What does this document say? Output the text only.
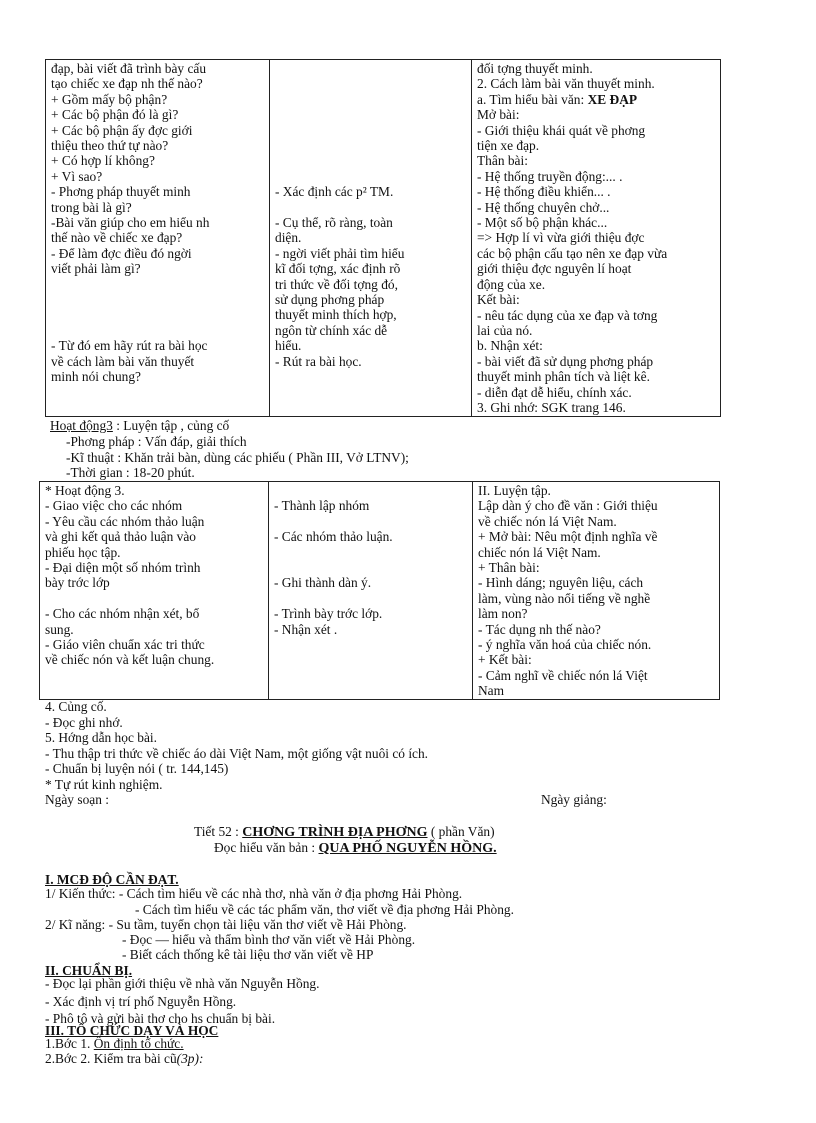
đạp, bài viết đã trình bày cấu
tạo chiếc xe đạp nh thế nào?
+ Gồm mấy bộ phận?
+ Các bộ phận đó là gì?
+ Các bộ phận ấy đợc giới
thiệu theo thứ tự nào?
+ Có hợp lí không?
+ Vì sao?
- Phơng pháp thuyết minh
trong bài là gì?
-Bài văn giúp cho em hiểu nh
thế nào về chiếc xe đạp?
- Để làm đợc điều đó ngời
viết phải làm gì?
- Từ đó em hãy rút ra bài học
về cách làm bài văn thuyết
minh nói chung?

- Xác định các p² TM.
- Cụ thể, rõ ràng, toàn
diện.
- ngời viết phải tìm hiểu
kĩ đối tợng, xác định rõ
tri thức về đối tợng đó,
sử dụng phơng pháp
thuyết minh thích hợp,
ngôn từ chính xác dễ
hiểu.
- Rút ra bài học.

đối tợng thuyết minh.
2. Cách làm bài văn thuyết minh.
a. Tìm hiểu bài văn: XE ĐẠP
Mở bài:
- Giới thiệu khái quát về phơng
tiện xe đạp.
Thân bài:
- Hệ thống truyền động:... .
- Hệ thống điều khiển... .
- Hệ thống chuyên chở...
- Một số bộ phận khác...
=> Hợp lí vì vừa giới thiệu đợc
các bộ phận cấu tạo nên xe đạp vừa
giới thiệu đợc nguyên lí hoạt
động của xe.
Kết bài:
- nêu tác dụng của xe đạp và tơng
lai của nó.
b. Nhận xét:
- bài viết đã sử dụng phơng pháp
thuyết minh phân tích và liệt kê.
- diễn đạt dễ hiểu, chính xác.
3. Ghi nhớ: SGK trang 146.
Hoạt động3 : Luyện tập , củng cố
-Phơng pháp : Vấn đáp, giải thích
-Kĩ thuật : Khăn trải bàn, dùng các phiếu ( Phần III, Vở LTNV);
-Thời gian : 18-20 phút.
* Hoạt động 3.
- Giao việc cho các nhóm
- Yêu cầu các nhóm thảo luận
và ghi kết quả thảo luận vào
phiếu học tập.
- Đại diện một số nhóm trình
bày trớc lớp
- Cho các nhóm nhận xét, bổ
sung.
- Giáo viên chuẩn xác tri thức
về chiếc nón và kết luận chung.

- Thành lập nhóm
- Các nhóm thảo luận.
- Ghi thành dàn ý.
- Trình bày trớc lớp.
- Nhận xét .

II. Luyện tập.
Lập dàn ý cho đề văn : Giới thiệu
về chiếc nón lá Việt Nam.
+ Mở bài: Nêu một định nghĩa về
chiếc nón lá Việt Nam.
+ Thân bài:
- Hình dáng; nguyên liệu, cách
làm, vùng nào nổi tiếng về nghề
làm non?
- Tác dụng nh thế nào?
- ý nghĩa văn hoá của chiếc nón.
+ Kết bài:
- Cảm nghĩ về chiếc nón lá Việt
Nam
4. Củng cố.
- Đọc ghi nhớ.
5. Hớng dẫn học bài.
- Thu thập tri thức về chiếc áo dài Việt Nam, một giống vật nuôi có ích.
- Chuẩn bị luyện nói ( tr. 144,145)
* Tự rút kinh nghiệm.
Ngày soạn :	Ngày giảng:
Tiết 52 : CHƠNG TRÌNH ĐỊA PHƠNG ( phần Văn)
Đọc hiểu văn bản : QUA PHỐ NGUYỄN HỒNG.
I. MCĐ ĐỘ CẦN ĐẠT.
1/ Kiến thức: - Cách tìm hiểu về các nhà thơ, nhà văn ở địa phơng Hải Phòng.
- Cách tìm hiểu về các tác phẩm văn, thơ viết về địa phơng Hải Phòng.
2/ Kĩ năng: - Su tầm, tuyển chọn tài liệu văn thơ viết về Hải Phòng.
- Đọc — hiểu và thẩm bình thơ văn viết về Hải Phòng.
- Biết cách thống kê tài liệu thơ văn viết về HP
II. CHUẨN BỊ.
- Đọc lại phần giới thiệu về nhà văn Nguyễn Hồng.
- Xác định vị trí phố Nguyễn Hồng.
- Phô tô và gửi bài thơ cho hs chuẩn bị bài.
III. TỔ CHỨC DẠY VÀ HỌC
1.Bớc 1. Ổn định tổ chức.
2.Bớc 2. Kiểm tra bài cũ(3p):
